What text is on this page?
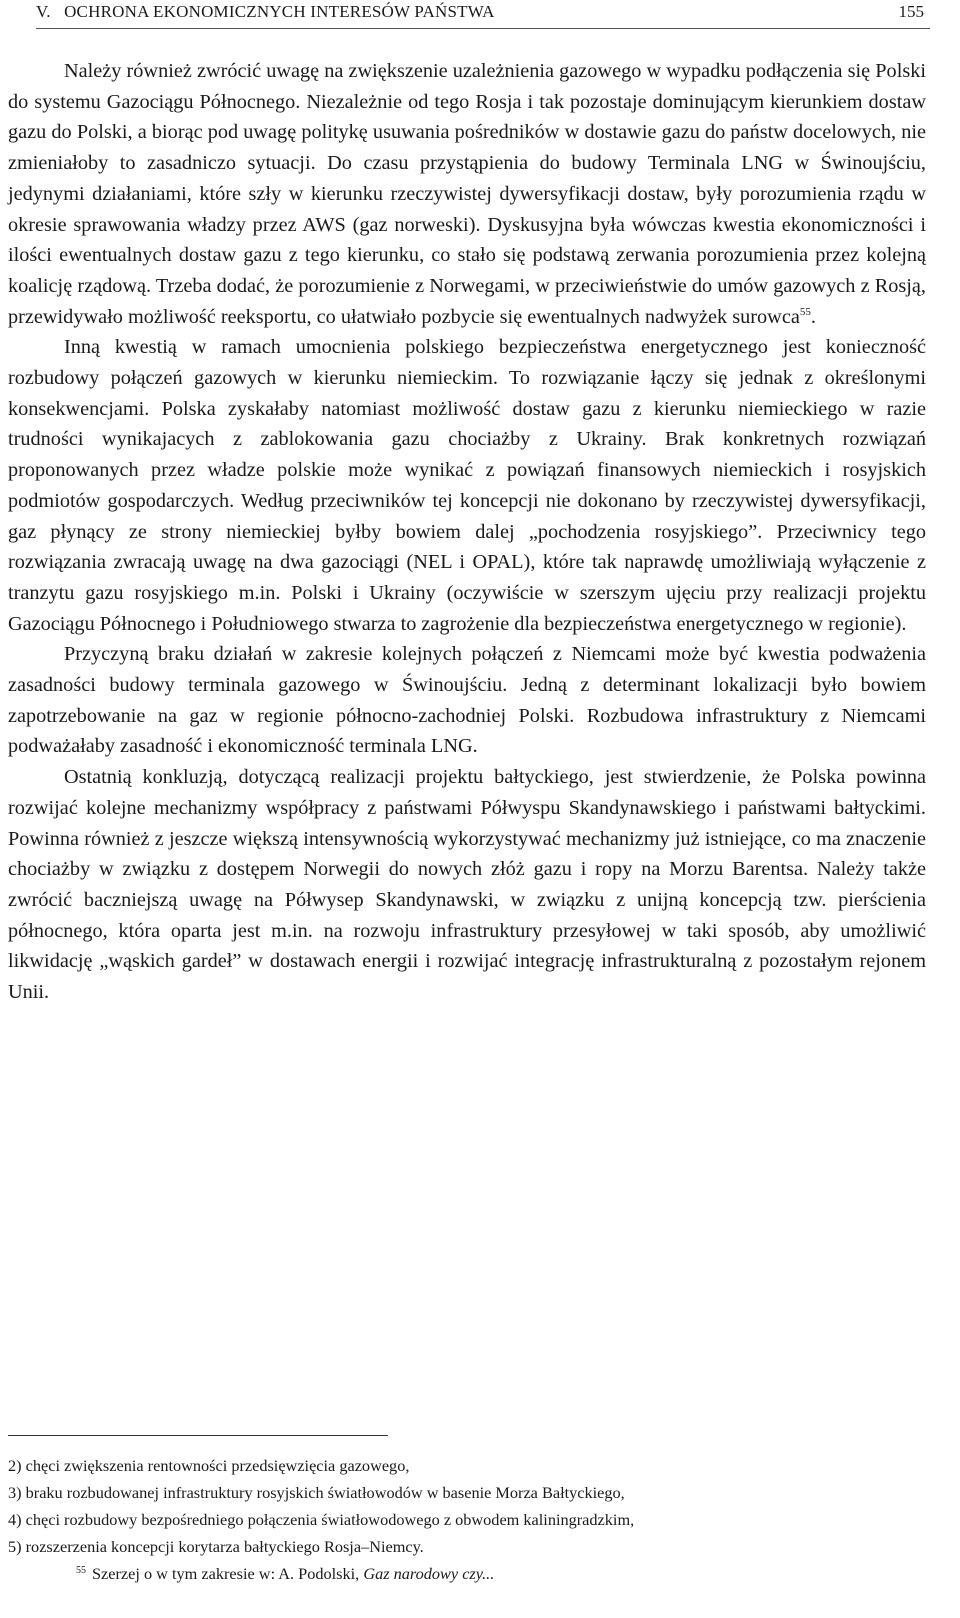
V.   OCHRONA EKONOMICZNYCH INTERESÓW PAŃSTWA	155

Należy również zwrócić uwagę na zwiększenie uzależnienia gazowego w wypadku podłączenia się Polski do systemu Gazociągu Północnego. Niezależnie od tego Rosja i tak pozostaje dominującym kierunkiem dostaw gazu do Polski, a biorąc pod uwagę politykę usuwania pośredników w dostawie gazu do państw docelowych, nie zmieniałoby to zasadniczo sytuacji. Do czasu przystąpienia do budowy Terminala LNG w Świnoujściu, jedynymi działaniami, które szły w kierunku rzeczywistej dywersyfikacji dostaw, były porozumienia rządu w okresie sprawowania władzy przez AWS (gaz norweski). Dyskusyjna była wówczas kwestia ekonomiczności i ilości ewentualnych dostaw gazu z tego kierunku, co stało się podstawą zerwania porozumienia przez kolejną koalicję rządową. Trzeba dodać, że porozumienie z Norwegami, w przeciwieństwie do umów gazowych z Rosją, przewidywało możliwość reeksportu, co ułatwiało pozbycie się ewentualnych nadwyżek surowca$^{55}$.

Inną kwestią w ramach umocnienia polskiego bezpieczeństwa energetycznego jest konieczność rozbudowy połączeń gazowych w kierunku niemieckim. To rozwiązanie łączy się jednak z określonymi konsekwencjami. Polska zyskałaby natomiast możliwość dostaw gazu z kierunku niemieckiego w razie trudności wynikajacych z zablokowania gazu chociażby z Ukrainy. Brak konkretnych rozwiązań proponowanych przez władze polskie może wynikać z powiązań finansowych niemieckich i rosyjskich podmiotów gospodarczych. Według przeciwników tej koncepcji nie dokonano by rzeczywistej dywersyfikacji, gaz płynący ze strony niemieckiej byłby bowiem dalej „pochodzenia rosyjskiego”. Przeciwnicy tego rozwiązania zwracają uwagę na dwa gazociągi (NEL i OPAL), które tak naprawdę umożliwiają wyłączenie z tranzytu gazu rosyjskiego m.in. Polski i Ukrainy (oczywiście w szerszym ujęciu przy realizacji projektu Gazociągu Północnego i Południowego stwarza to zagrożenie dla bezpieczeństwa energetycznego w regionie).

Przyczyną braku działań w zakresie kolejnych połączeń z Niemcami może być kwestia podważenia zasadności budowy terminala gazowego w Świnoujściu. Jedną z determinant lokalizacji było bowiem zapotrzebowanie na gaz w regionie północno-zachodniej Polski. Rozbudowa infrastruktury z Niemcami podważałaby zasadność i ekonomiczność terminala LNG.

Ostatnią konkluzją, dotyczącą realizacji projektu bałtyckiego, jest stwierdzenie, że Polska powinna rozwijać kolejne mechanizmy współpracy z państwami Półwyspu Skandynawskiego i państwami bałtyckimi. Powinna również z jeszcze większą intensywnością wykorzystywać mechanizmy już istniejące, co ma znaczenie chociażby w związku z dostępem Norwegii do nowych złóż gazu i ropy na Morzu Barentsa. Należy także zwrócić baczniejszą uwagę na Półwysep Skandynawski, w związku z unijną koncepcją tzw. pierścienia północnego, która oparta jest m.in. na rozwoju infrastruktury przesyłowej w taki sposób, aby umożliwić likwidację „wąskich gardeł” w dostawach energii i rozwijać integrację infrastrukturalną z pozostałym rejonem Unii.

2) chęci zwiększenia rentowności przedsięwzięcia gazowego,
3) braku rozbudowanej infrastruktury rosyjskich światłowodów w basenie Morza Bałtyckiego,
4) chęci rozbudowy bezpośredniego połączenia światłowodowego z obwodem kaliningradzkim,
5) rozszerzenia koncepcji korytarza bałtyckiego Rosja–Niemcy.
$^{55}$ Szerzej o w tym zakresie w: A. Podolski, Gaz narodowy czy...
